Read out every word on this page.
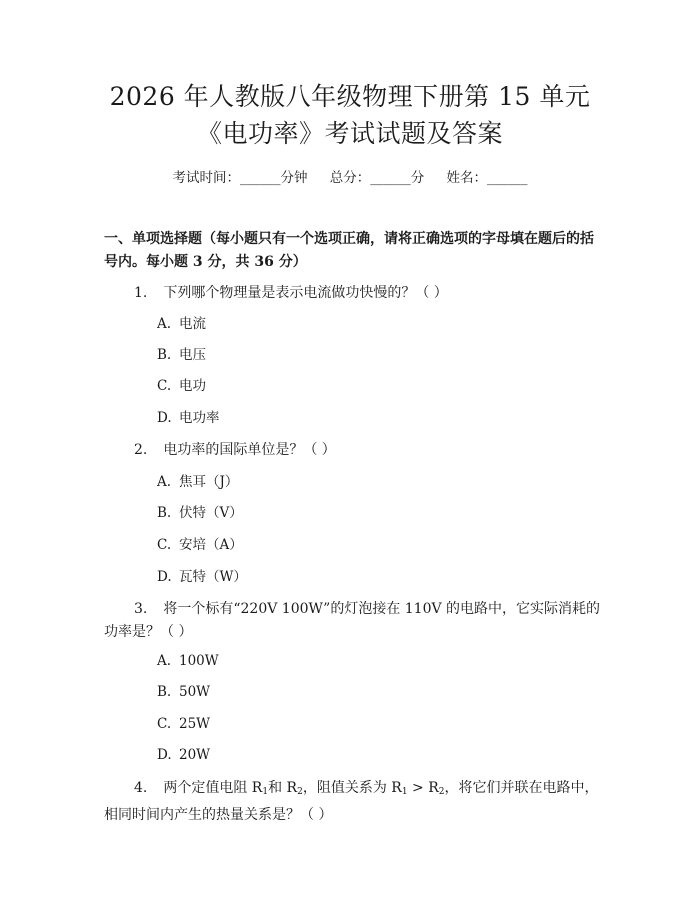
2026 年人教版八年级物理下册第 15 单元
《电功率》考试试题及答案
考试时间：______分钟 总分：______分 姓名：______
一、单项选择题（每小题只有一个选项正确，请将正确选项的字母填在题后的括号内。每小题 3 分，共 36 分）
1. 下列哪个物理量是表示电流做功快慢的？（ ）
A. 电流
B. 电压
C. 电功
D. 电功率
2. 电功率的国际单位是？（ ）
A. 焦耳（J）
B. 伏特（V）
C. 安培（A）
D. 瓦特（W）
3. 将一个标有“220V 100W”的灯泡接在 110V 的电路中，它实际消耗的功率是？（ ）
A. 100W
B. 50W
C. 25W
D. 20W
4. 两个定值电阻 $R_1$和 $R_2$，阻值关系为 $R_1 > R_2$，将它们并联在电路中，相同时间内产生的热量关系是？（ ）
